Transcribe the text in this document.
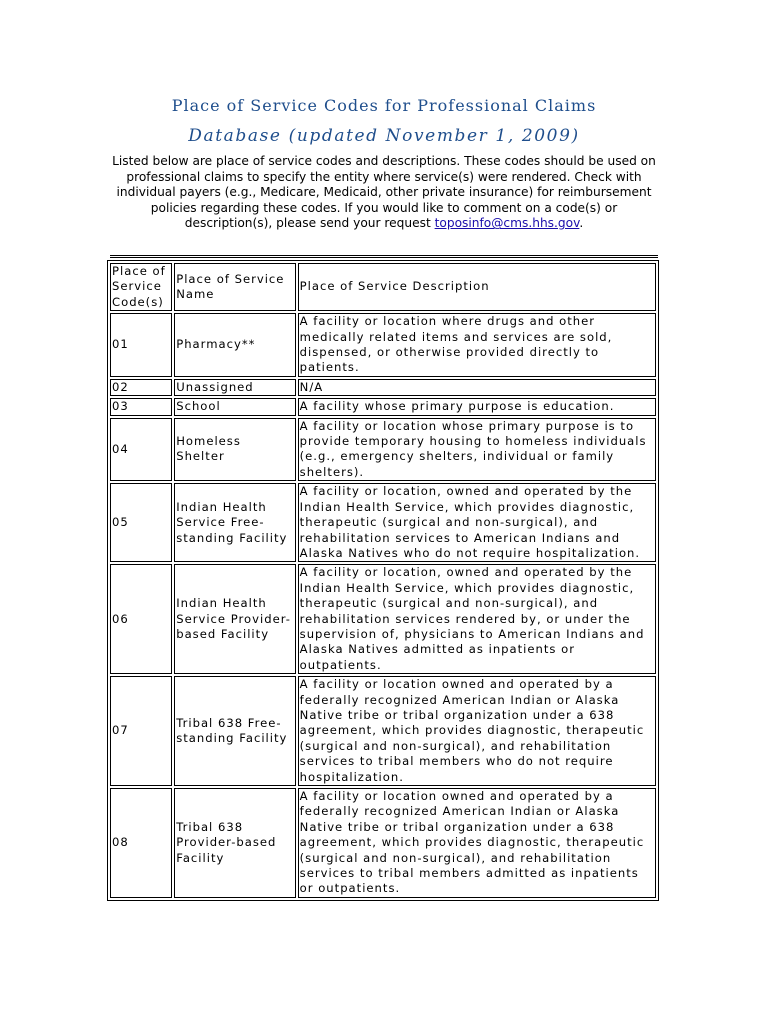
Place of Service Codes for Professional Claims
Database (updated November 1, 2009)
Listed below are place of service codes and descriptions. These codes should be used on professional claims to specify the entity where service(s) were rendered. Check with individual payers (e.g., Medicare, Medicaid, other private insurance) for reimbursement policies regarding these codes. If you would like to comment on a code(s) or description(s), please send your request toposinfo@cms.hhs.gov.
Place of Service Code(s)	Place of Service Name	Place of Service Description
01	Pharmacy**	A facility or location where drugs and other medically related items and services are sold, dispensed, or otherwise provided directly to patients.
02	Unassigned	N/A
03	School	A facility whose primary purpose is education.
04	Homeless Shelter	A facility or location whose primary purpose is to provide temporary housing to homeless individuals (e.g., emergency shelters, individual or family shelters).
05	Indian Health Service Free-standing Facility	A facility or location, owned and operated by the Indian Health Service, which provides diagnostic, therapeutic (surgical and non-surgical), and rehabilitation services to American Indians and Alaska Natives who do not require hospitalization.
06	Indian Health Service Provider-based Facility	A facility or location, owned and operated by the Indian Health Service, which provides diagnostic, therapeutic (surgical and non-surgical), and rehabilitation services rendered by, or under the supervision of, physicians to American Indians and Alaska Natives admitted as inpatients or outpatients.
07	Tribal 638 Free-standing Facility	A facility or location owned and operated by a federally recognized American Indian or Alaska Native tribe or tribal organization under a 638 agreement, which provides diagnostic, therapeutic (surgical and non-surgical), and rehabilitation services to tribal members who do not require hospitalization.
08	Tribal 638 Provider-based Facility	A facility or location owned and operated by a federally recognized American Indian or Alaska Native tribe or tribal organization under a 638 agreement, which provides diagnostic, therapeutic (surgical and non-surgical), and rehabilitation services to tribal members admitted as inpatients or outpatients.
